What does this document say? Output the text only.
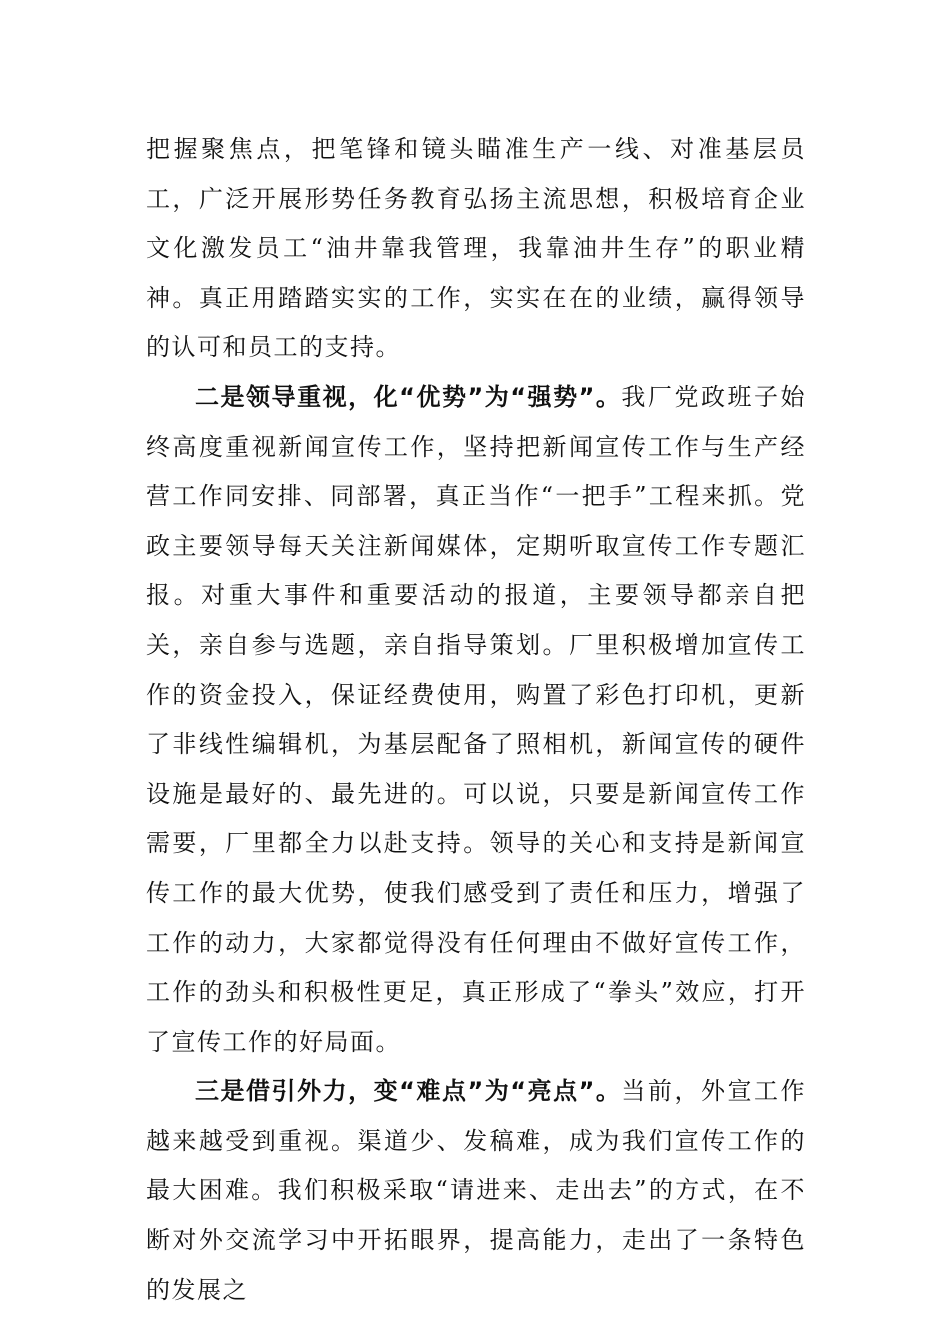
把握聚焦点，把笔锋和镜头瞄准生产一线、对准基层员工，广泛开展形势任务教育弘扬主流思想，积极培育企业文化激发员工“油井靠我管理，我靠油井生存”的职业精神。真正用踏踏实实的工作，实实在在的业绩，赢得领导的认可和员工的支持。

二是领导重视，化“优势”为“强势”。我厂党政班子始终高度重视新闻宣传工作，坚持把新闻宣传工作与生产经营工作同安排、同部署，真正当作“一把手”工程来抓。党政主要领导每天关注新闻媒体，定期听取宣传工作专题汇报。对重大事件和重要活动的报道，主要领导都亲自把关，亲自参与选题，亲自指导策划。厂里积极增加宣传工作的资金投入，保证经费使用，购置了彩色打印机，更新了非线性编辑机，为基层配备了照相机，新闻宣传的硬件设施是最好的、最先进的。可以说，只要是新闻宣传工作需要，厂里都全力以赴支持。领导的关心和支持是新闻宣传工作的最大优势，使我们感受到了责任和压力，增强了工作的动力，大家都觉得没有任何理由不做好宣传工作，工作的劲头和积极性更足，真正形成了“拳头”效应，打开了宣传工作的好局面。

三是借引外力，变“难点”为“亮点”。当前，外宣工作越来越受到重视。渠道少、发稿难，成为我们宣传工作的最大困难。我们积极采取“请进来、走出去”的方式，在不断对外交流学习中开拓眼界，提高能力，走出了一条特色的发展之
